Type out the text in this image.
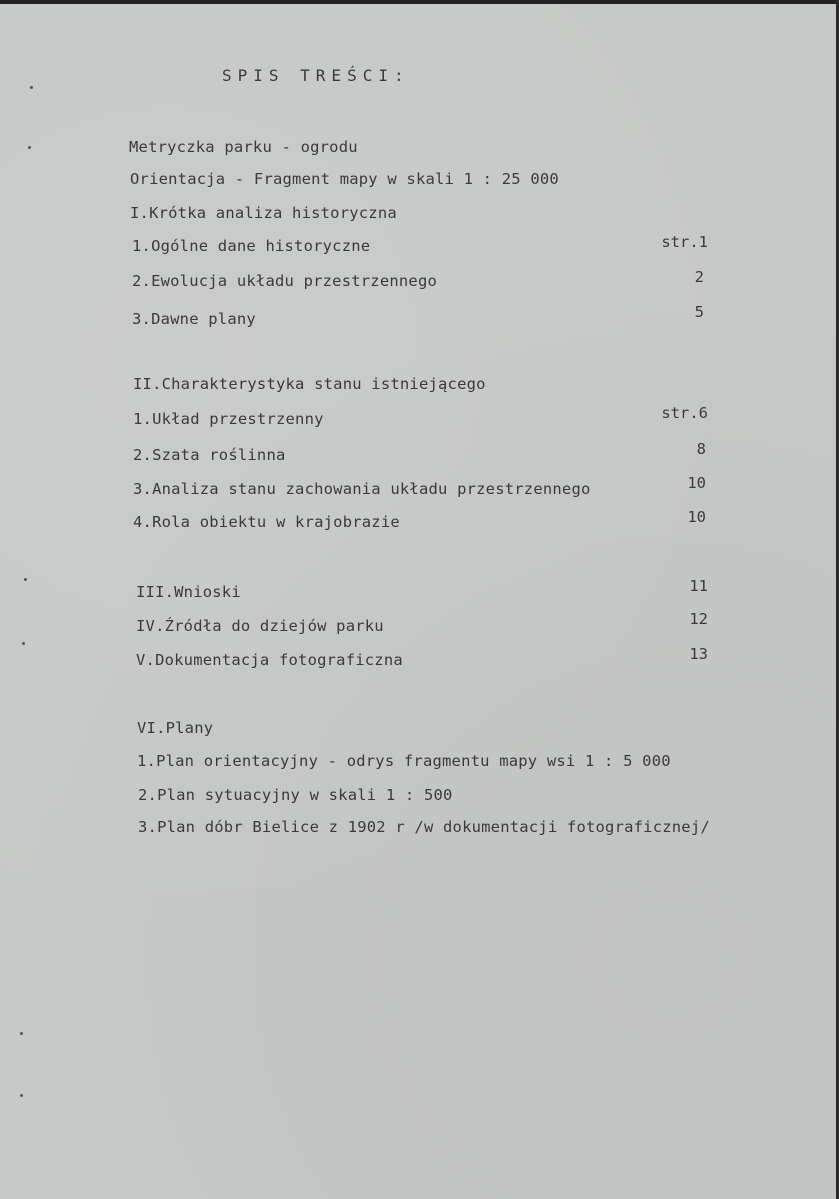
SPIS TREŚCI:
Metryczka parku - ogrodu
Orientacja - Fragment mapy w skali 1 : 25 000
I.Krótka analiza historyczna
1.Ogólne dane historyczne	str.1
2.Ewolucja układu przestrzennego	2
3.Dawne plany	5
II.Charakterystyka stanu istniejącego
1.Układ przestrzenny	str.6
2.Szata roślinna	8
3.Analiza stanu zachowania układu przestrzennego	10
4.Rola obiektu w krajobrazie	10
III.Wnioski	11
IV.Źródła do dziejów parku	12
V.Dokumentacja fotograficzna	13
VI.Plany
1.Plan orientacyjny - odrys fragmentu mapy wsi 1 : 5 000
2.Plan sytuacyjny w skali 1 : 500
3.Plan dóbr Bielice z 1902 r /w dokumentacji fotograficznej/
